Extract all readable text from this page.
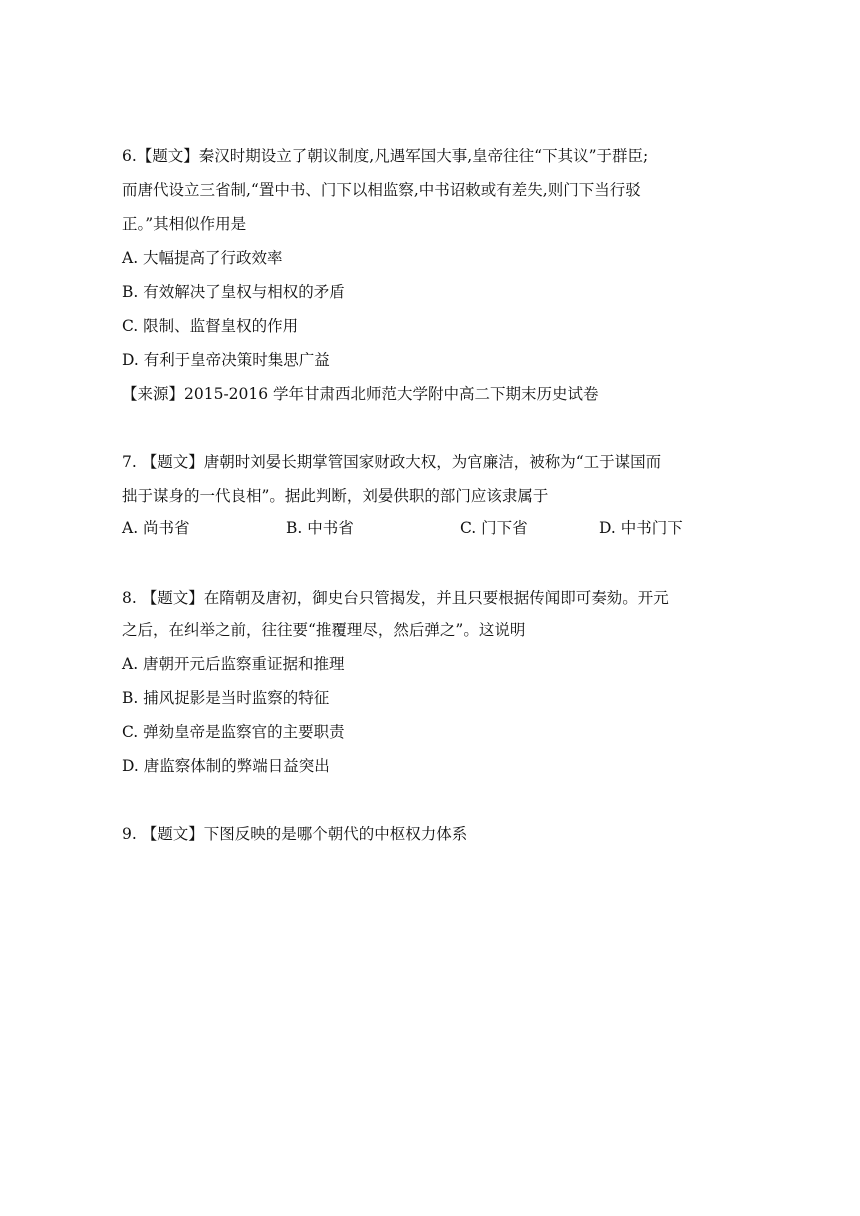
6.【题文】秦汉时期设立了朝议制度,凡遇军国大事,皇帝往往“下其议”于群臣;
而唐代设立三省制,“置中书、门下以相监察,中书诏敕或有差失,则门下当行驳
正。”其相似作用是
A. 大幅提高了行政效率
B. 有效解决了皇权与相权的矛盾
C. 限制、监督皇权的作用
D. 有利于皇帝决策时集思广益
【来源】2015-2016 学年甘肃西北师范大学附中高二下期末历史试卷
7. 【题文】唐朝时刘晏长期掌管国家财政大权，为官廉洁，被称为“工于谋国而
拙于谋身的一代良相”。据此判断，刘晏供职的部门应该隶属于
A. 尚书省	B. 中书省	C. 门下省	D. 中书门下
8. 【题文】在隋朝及唐初，御史台只管揭发，并且只要根据传闻即可奏劾。开元
之后，在纠举之前，往往要“推覆理尽，然后弹之”。这说明
A. 唐朝开元后监察重证据和推理
B. 捕风捉影是当时监察的特征
C. 弹劾皇帝是监察官的主要职责
D. 唐监察体制的弊端日益突出
9. 【题文】下图反映的是哪个朝代的中枢权力体系
